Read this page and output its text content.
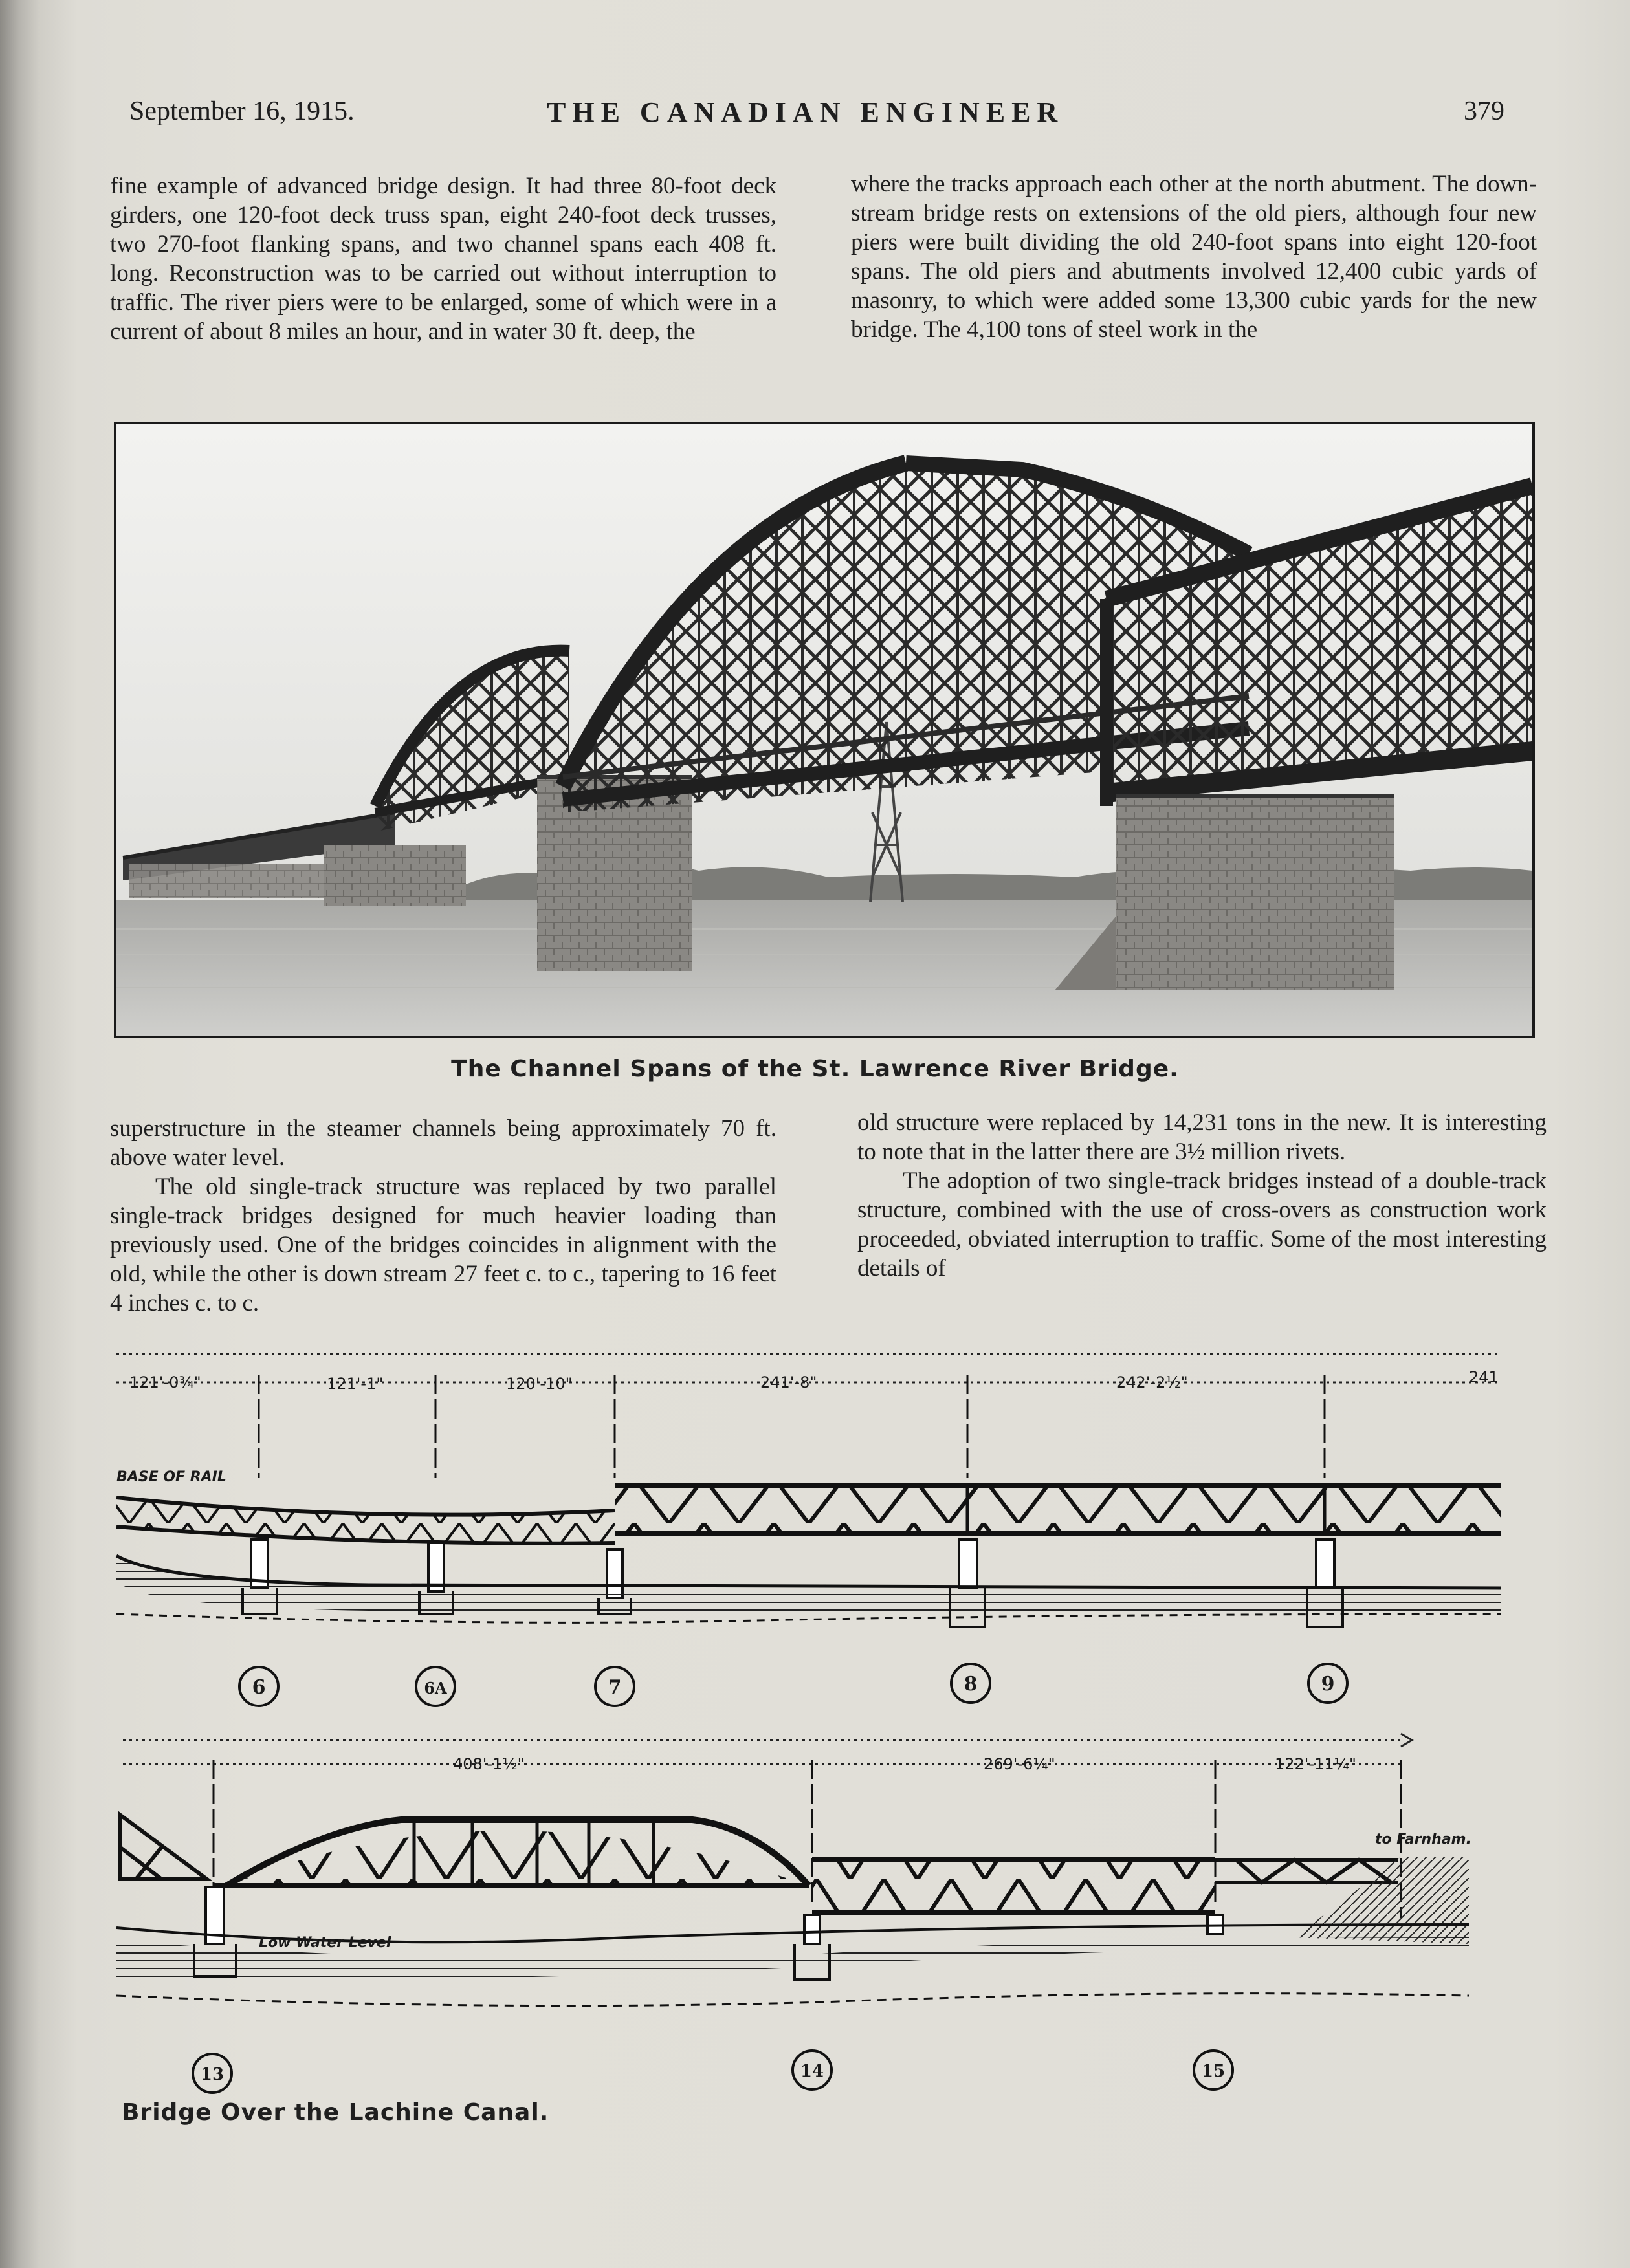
September 16, 1915.	THE CANADIAN ENGINEER	379

fine example of advanced bridge design. It had three 80-foot deck girders, one 120-foot deck truss span, eight 240-foot deck trusses, two 270-foot flanking spans, and two channel spans each 408 ft. long. Reconstruction was to be carried out without interruption to traffic. The river piers were to be enlarged, some of which were in a current of about 8 miles an hour, and in water 30 ft. deep, the

where the tracks approach each other at the north abutment. The down-stream bridge rests on extensions of the old piers, although four new piers were built dividing the old 240-foot spans into eight 120-foot spans. The old piers and abutments involved 12,400 cubic yards of masonry, to which were added some 13,300 cubic yards for the new bridge. The 4,100 tons of steel work in the

The Channel Spans of the St. Lawrence River Bridge.

superstructure in the steamer channels being approximately 70 ft. above water level.

The old single-track structure was replaced by two parallel single-track bridges designed for much heavier loading than previously used. One of the bridges coincides in alignment with the old, while the other is down stream 27 feet c. to c., tapering to 16 feet 4 inches c. to c.

old structure were replaced by 14,231 tons in the new. It is interesting to note that in the latter there are 3½ million rivets.

The adoption of two single-track bridges instead of a double-track structure, combined with the use of cross-overs as construction work proceeded, obviated interruption to traffic. Some of the most interesting details of

121'-0¾"	121'-1"	120'-10"	241'-8"	242'-2½"	241
BASE OF RAIL
6	6A	7	8	9
408'-1½"	269'-6¼"	122'-11¼"
to Farnham.
Low Water Level
13	14	15
Bridge Over the Lachine Canal.
